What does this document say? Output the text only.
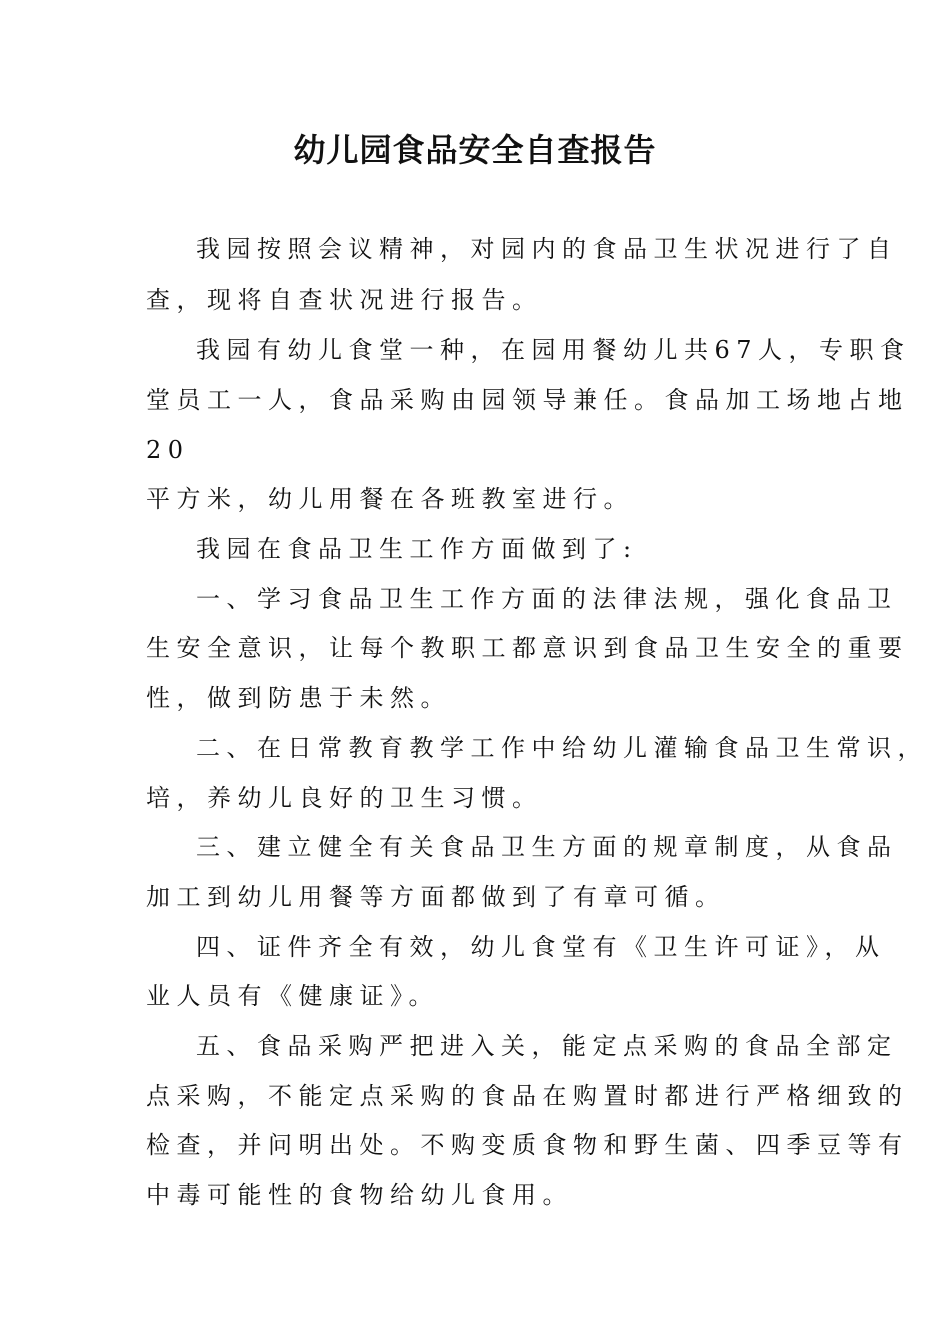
幼儿园食品安全自查报告
我园按照会议精神，对园内的食品卫生状况进行了自
查，现将自查状况进行报告。
我园有幼儿食堂一种，在园用餐幼儿共67人，专职食
堂员工一人，食品采购由园领导兼任。食品加工场地占地
20
平方米，幼儿用餐在各班教室进行。
我园在食品卫生工作方面做到了:
一、学习食品卫生工作方面的法律法规，强化食品卫
生安全意识，让每个教职工都意识到食品卫生安全的重要
性，做到防患于未然。
二、在日常教育教学工作中给幼儿灌输食品卫生常识，
培，养幼儿良好的卫生习惯。
三、建立健全有关食品卫生方面的规章制度，从食品
加工到幼儿用餐等方面都做到了有章可循。
四、证件齐全有效，幼儿食堂有《卫生许可证》，从
业人员有《健康证》。
五、食品采购严把进入关，能定点采购的食品全部定
点采购，不能定点采购的食品在购置时都进行严格细致的
检查，并问明出处。不购变质食物和野生菌、四季豆等有
中毒可能性的食物给幼儿食用。
